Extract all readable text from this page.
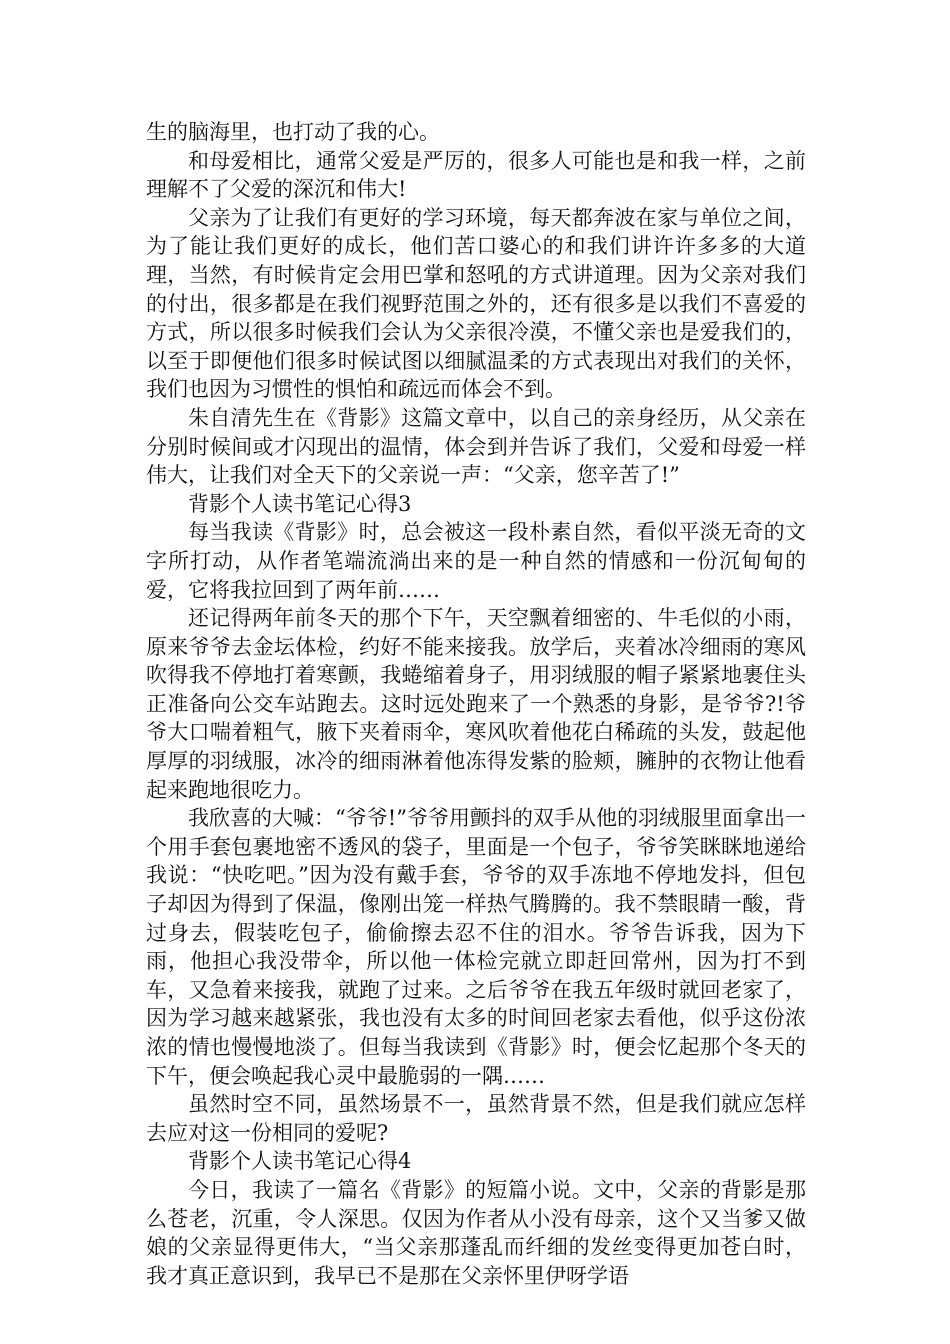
生的脑海里，也打动了我的心。

和母爱相比，通常父爱是严厉的，很多人可能也是和我一样，之前理解不了父爱的深沉和伟大!

父亲为了让我们有更好的学习环境，每天都奔波在家与单位之间，为了能让我们更好的成长，他们苦口婆心的和我们讲许许多多的大道理，当然，有时候肯定会用巴掌和怒吼的方式讲道理。因为父亲对我们的付出，很多都是在我们视野范围之外的，还有很多是以我们不喜爱的方式，所以很多时候我们会认为父亲很冷漠，不懂父亲也是爱我们的，以至于即便他们很多时候试图以细腻温柔的方式表现出对我们的关怀，我们也因为习惯性的惧怕和疏远而体会不到。

朱自清先生在《背影》这篇文章中，以自己的亲身经历，从父亲在分别时候间或才闪现出的温情，体会到并告诉了我们，父爱和母爱一样伟大，让我们对全天下的父亲说一声：“父亲，您辛苦了!”

背影个人读书笔记心得3

每当我读《背影》时，总会被这一段朴素自然，看似平淡无奇的文字所打动，从作者笔端流淌出来的是一种自然的情感和一份沉甸甸的爱，它将我拉回到了两年前……

还记得两年前冬天的那个下午，天空飘着细密的、牛毛似的小雨，原来爷爷去金坛体检，约好不能来接我。放学后，夹着冰冷细雨的寒风吹得我不停地打着寒颤，我蜷缩着身子，用羽绒服的帽子紧紧地裹住头正准备向公交车站跑去。这时远处跑来了一个熟悉的身影，是爷爷?!爷爷大口喘着粗气，腋下夹着雨伞，寒风吹着他花白稀疏的头发，鼓起他厚厚的羽绒服，冰冷的细雨淋着他冻得发紫的脸颊，臃肿的衣物让他看起来跑地很吃力。

我欣喜的大喊：“爷爷!”爷爷用颤抖的双手从他的羽绒服里面拿出一个用手套包裹地密不透风的袋子，里面是一个包子，爷爷笑眯眯地递给我说：“快吃吧。”因为没有戴手套，爷爷的双手冻地不停地发抖，但包子却因为得到了保温，像刚出笼一样热气腾腾的。我不禁眼睛一酸，背过身去，假装吃包子，偷偷擦去忍不住的泪水。爷爷告诉我，因为下雨，他担心我没带伞，所以他一体检完就立即赶回常州，因为打不到车，又急着来接我，就跑了过来。之后爷爷在我五年级时就回老家了，因为学习越来越紧张，我也没有太多的时间回老家去看他，似乎这份浓浓的情也慢慢地淡了。但每当我读到《背影》时，便会忆起那个冬天的下午，便会唤起我心灵中最脆弱的一隅……

虽然时空不同，虽然场景不一，虽然背景不然，但是我们就应怎样去应对这一份相同的爱呢?

背影个人读书笔记心得4

今日，我读了一篇名《背影》的短篇小说。文中，父亲的背影是那么苍老，沉重，令人深思。仅因为作者从小没有母亲，这个又当爹又做娘的父亲显得更伟大，“当父亲那蓬乱而纤细的发丝变得更加苍白时，我才真正意识到，我早已不是那在父亲怀里伊呀学语
